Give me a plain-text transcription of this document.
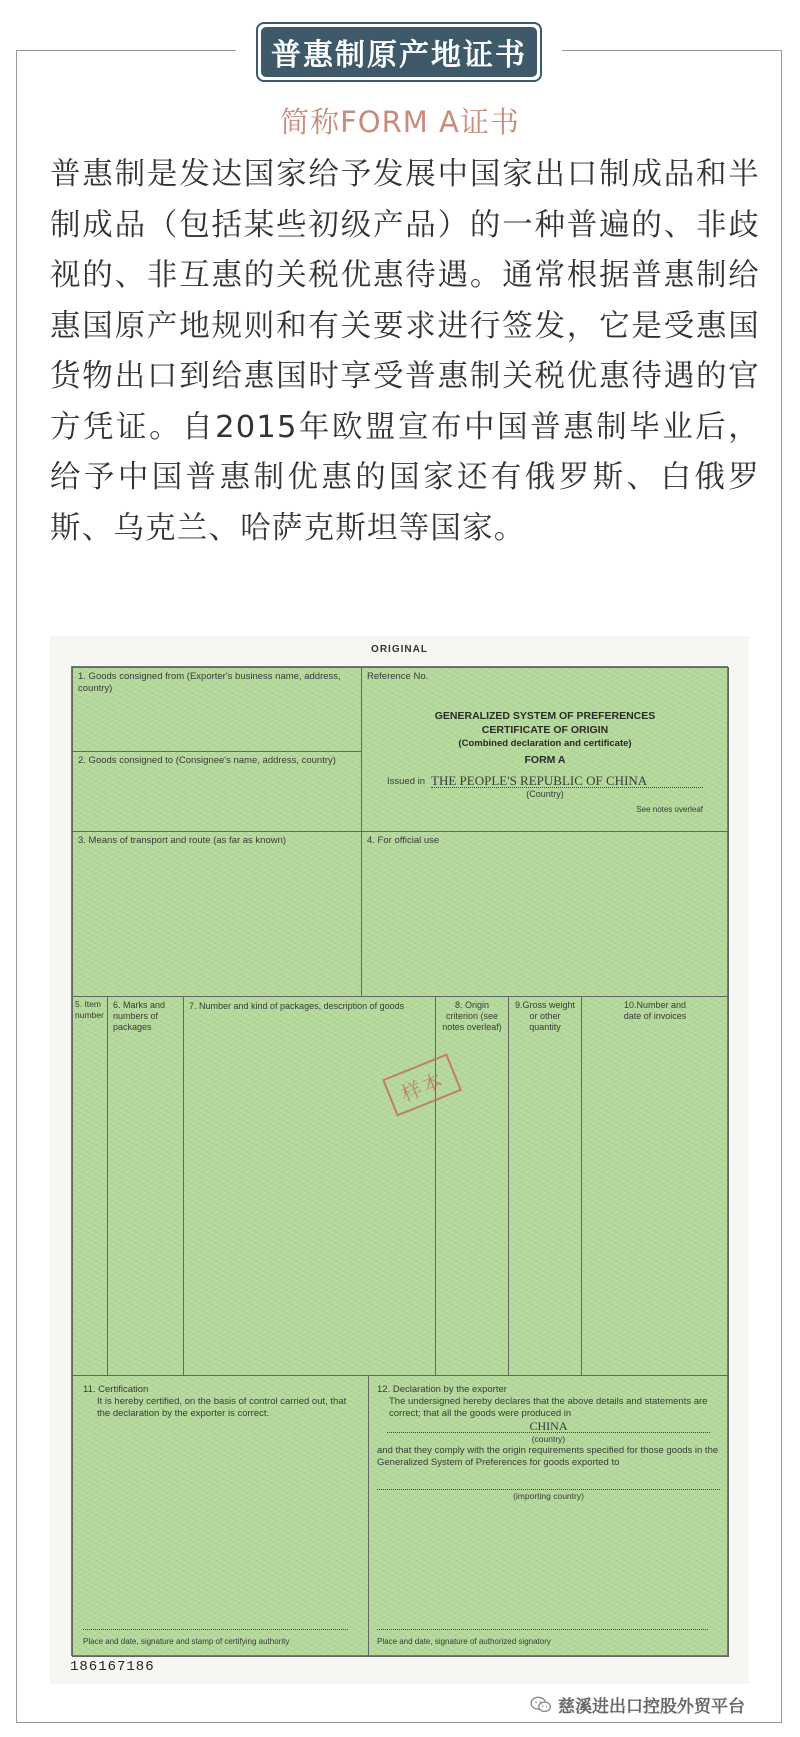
普惠制原产地证书
简称FORM A证书
普惠制是发达国家给予发展中国家出口制成品和半制成品（包括某些初级产品）的一种普遍的、非歧视的、非互惠的关税优惠待遇。通常根据普惠制给惠国原产地规则和有关要求进行签发，它是受惠国货物出口到给惠国时享受普惠制关税优惠待遇的官方凭证。自2015年欧盟宣布中国普惠制毕业后，给予中国普惠制优惠的国家还有俄罗斯、白俄罗斯、乌克兰、哈萨克斯坦等国家。
ORIGINAL
1. Goods consigned from (Exporter's business name, address, country)
2. Goods consigned to (Consignee's name, address, country)
Reference No.
GENERALIZED SYSTEM OF PREFERENCES
CERTIFICATE OF ORIGIN
(Combined declaration and certificate)
FORM A
Issued in THE PEOPLE'S REPUBLIC OF CHINA
(Country)
See notes overleaf
3. Means of transport and route (as far as known)	4. For official use
5. Item number
6. Marks and numbers of packages
7. Number and kind of packages, description of goods	8. Origin criterion (see notes overleaf)
9.Gross weight or other quantity
10.Number and date of invoices
样本
11. Certification
It is hereby certified, on the basis of control carried out, that the declaration by the exporter is correct.
Place and date, signature and stamp of certifying authority
12. Declaration by the exporter
The undersigned hereby declares that the above details and statements are correct; that all the goods were produced in
CHINA
(country)
and that they comply with the origin requirements specified for those goods in the Generalized System of Preferences for goods exported to
(importing country)
Place and date, signature of authorized signatory
186167186
慈溪进出口控股外贸平台
